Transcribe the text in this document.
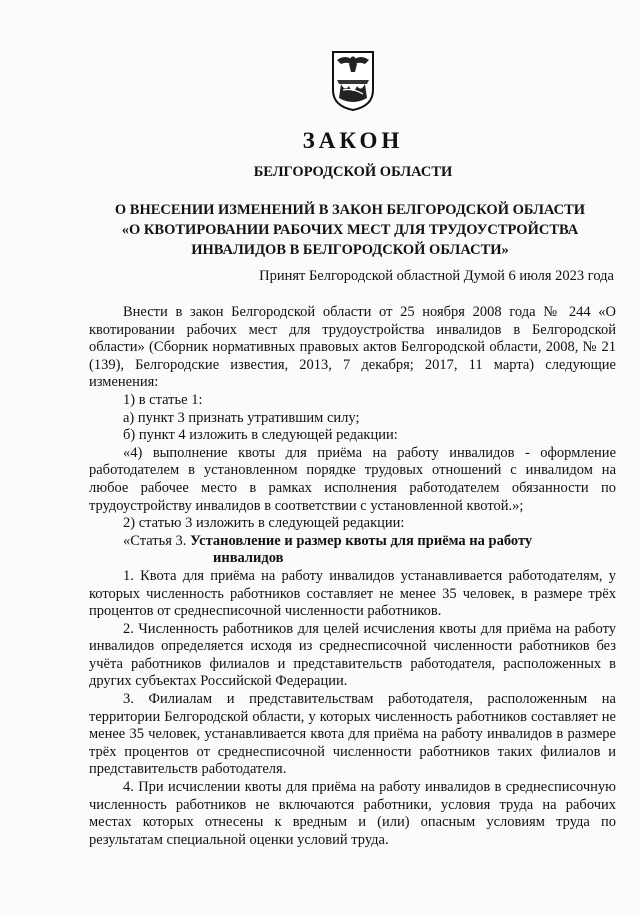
ЗАКОН
БЕЛГОРОДСКОЙ ОБЛАСТИ
О ВНЕСЕНИИ ИЗМЕНЕНИЙ В ЗАКОН БЕЛГОРОДСКОЙ ОБЛАСТИ
«О КВОТИРОВАНИИ РАБОЧИХ МЕСТ ДЛЯ ТРУДОУСТРОЙСТВА
ИНВАЛИДОВ В БЕЛГОРОДСКОЙ ОБЛАСТИ»
Принят Белгородской областной Думой 6 июля 2023 года

Внести в закон Белгородской области от 25 ноября 2008 года № 244 «О квотировании рабочих мест для трудоустройства инвалидов в Белгородской области» (Сборник нормативных правовых актов Белгородской области, 2008, № 21 (139), Белгородские известия, 2013, 7 декабря; 2017, 11 марта) следующие изменения:

1) в статье 1:

а) пункт 3 признать утратившим силу;

б) пункт 4 изложить в следующей редакции:

«4) выполнение квоты для приёма на работу инвалидов - оформление работодателем в установленном порядке трудовых отношений с инвалидом на любое рабочее место в рамках исполнения работодателем обязанности по трудоустройству инвалидов в соответствии с установленной квотой.»;

2) статью 3 изложить в следующей редакции:

«Статья 3. Установление и размер квоты для приёма на работу
инвалидов

1. Квота для приёма на работу инвалидов устанавливается работодателям, у которых численность работников составляет не менее 35 человек, в размере трёх процентов от среднесписочной численности работников.

2. Численность работников для целей исчисления квоты для приёма на работу инвалидов определяется исходя из среднесписочной численности работников без учёта работников филиалов и представительств работодателя, расположенных в других субъектах Российской Федерации.

3. Филиалам и представительствам работодателя, расположенным на территории Белгородской области, у которых численность работников составляет не менее 35 человек, устанавливается квота для приёма на работу инвалидов в размере трёх процентов от среднесписочной численности работников таких филиалов и представительств работодателя.

4. При исчислении квоты для приёма на работу инвалидов в среднесписочную численность работников не включаются работники, условия труда на рабочих местах которых отнесены к вредным и (или) опасным условиям труда по результатам специальной оценки условий труда.
